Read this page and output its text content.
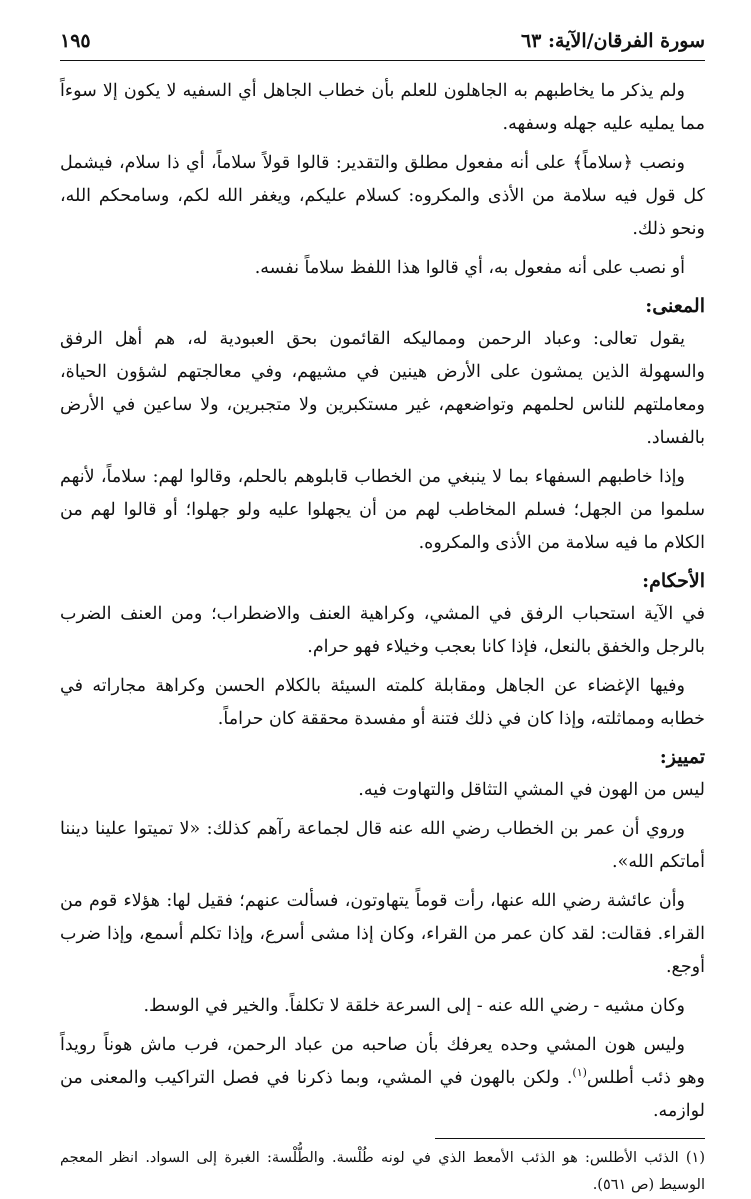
سورة الفرقان/الآية: ٦٣
١٩٥

ولم يذكر ما يخاطبهم به الجاهلون للعلم بأن خطاب الجاهل أي السفيه لا يكون إلا سوءاً مما يمليه عليه جهله وسفهه.

ونصب ﴿سلاماً﴾ على أنه مفعول مطلق والتقدير: قالوا قولاً سلاماً، أي ذا سلام، فيشمل كل قول فيه سلامة من الأذى والمكروه: كسلام عليكم، ويغفر الله لكم، وسامحكم الله، ونحو ذلك.

أو نصب على أنه مفعول به، أي قالوا هذا اللفظ سلاماً نفسه.

المعنى:

يقول تعالى: وعباد الرحمن ومماليكه القائمون بحق العبودية له، هم أهل الرفق والسهولة الذين يمشون على الأرض هينين في مشيهم، وفي معالجتهم لشؤون الحياة، ومعاملتهم للناس لحلمهم وتواضعهم، غير مستكبرين ولا متجبرين، ولا ساعين في الأرض بالفساد.

وإذا خاطبهم السفهاء بما لا ينبغي من الخطاب قابلوهم بالحلم، وقالوا لهم: سلاماً، لأنهم سلموا من الجهل؛ فسلم المخاطب لهم من أن يجهلوا عليه ولو جهلوا؛ أو قالوا لهم من الكلام ما فيه سلامة من الأذى والمكروه.

الأحكام:

في الآية استحباب الرفق في المشي، وكراهية العنف والاضطراب؛ ومن العنف الضرب بالرجل والخفق بالنعل، فإذا كانا بعجب وخيلاء فهو حرام.

وفيها الإغضاء عن الجاهل ومقابلة كلمته السيئة بالكلام الحسن وكراهة مجاراته في خطابه ومماثلته، وإذا كان في ذلك فتنة أو مفسدة محققة كان حراماً.

تمييز:

ليس من الهون في المشي التثاقل والتهاوت فيه.

وروي أن عمر بن الخطاب رضي الله عنه قال لجماعة رآهم كذلك: «لا تميتوا علينا ديننا أماتكم الله».

وأن عائشة رضي الله عنها، رأت قوماً يتهاوتون، فسألت عنهم؛ فقيل لها: هؤلاء قوم من القراء. فقالت: لقد كان عمر من القراء، وكان إذا مشى أسرع، وإذا تكلم أسمع، وإذا ضرب أوجع.

وكان مشيه - رضي الله عنه - إلى السرعة خلقة لا تكلفاً. والخير في الوسط.

وليس هون المشي وحده يعرفك بأن صاحبه من عباد الرحمن، فرب ماش هوناً رويداً وهو ذئب أطلس$^{(١)}$. ولكن بالهون في المشي، وبما ذكرنا في فصل التراكيب والمعنى من لوازمه.

(١) الذئب الأطلس: هو الذئب الأمعط الذي في لونه طُلْسة. والطُّلْسة: الغبرة إلى السواد. انظر المعجم الوسيط (ص ٥٦١).
